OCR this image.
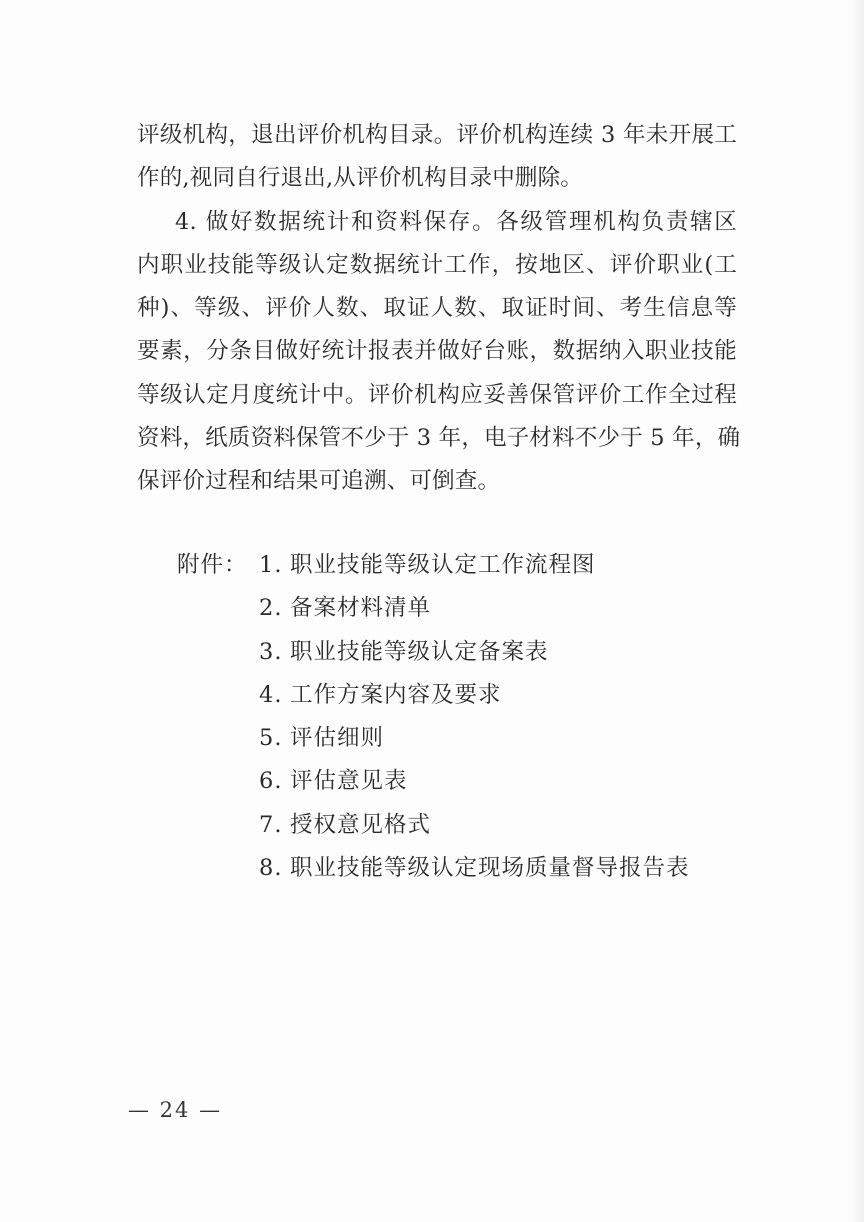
评级机构，退出评价机构目录。评价机构连续 3 年未开展工
作的,视同自行退出,从评价机构目录中删除。
4. 做好数据统计和资料保存。各级管理机构负责辖区
内职业技能等级认定数据统计工作，按地区、评价职业(工
种)、等级、评价人数、取证人数、取证时间、考生信息等
要素，分条目做好统计报表并做好台账，数据纳入职业技能
等级认定月度统计中。评价机构应妥善保管评价工作全过程
资料，纸质资料保管不少于 3 年，电子材料不少于 5 年，确
保评价过程和结果可追溯、可倒查。
附件： 1. 职业技能等级认定工作流程图
2. 备案材料清单
3. 职业技能等级认定备案表
4. 工作方案内容及要求
5. 评估细则
6. 评估意见表
7. 授权意见格式
8. 职业技能等级认定现场质量督导报告表
— 24 —
